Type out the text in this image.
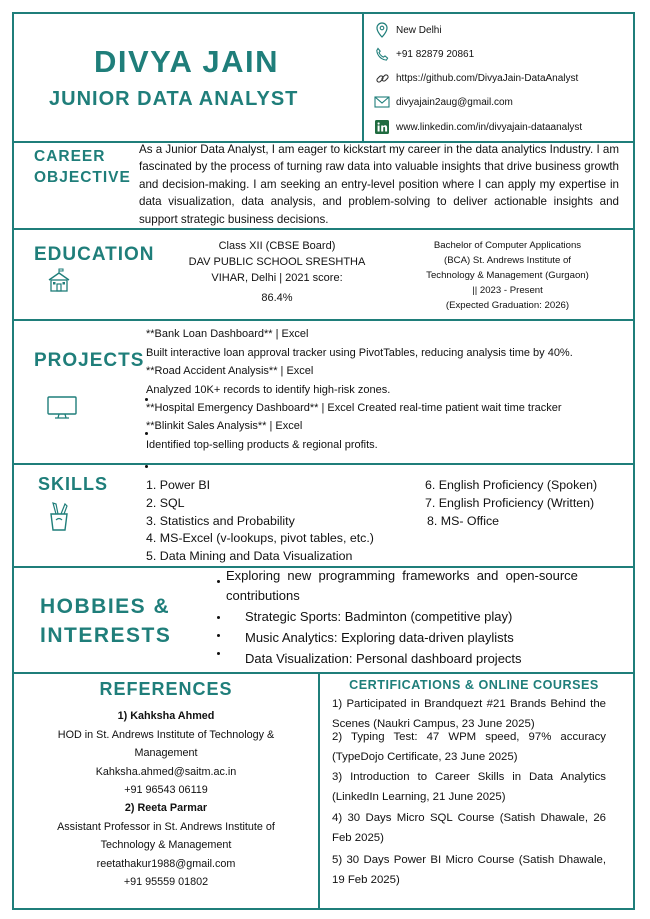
DIVYA JAIN
JUNIOR DATA ANALYST
New Delhi
+91 82879 20861
https://github.com/DivyaJain-DataAnalyst
divyajain2aug@gmail.com
www.linkedin.com/in/divyajain-dataanalyst
CAREER
OBJECTIVE
As a Junior Data Analyst, I am eager to kickstart my career in the data analytics Industry. I am fascinated by the process of turning raw data into valuable insights that drive business growth and decision-making. I am seeking an entry-level position where I can apply my expertise in data visualization, data analysis, and problem-solving to deliver actionable insights and support strategic business decisions.
EDUCATION	Class XII (CBSE Board)
DAV PUBLIC SCHOOL SRESHTHA
VIHAR, Delhi | 2021 score:
86.4%
Bachelor of Computer Applications
(BCA) St. Andrews Institute of
Technology & Management (Gurgaon)
|| 2023 - Present
(Expected Graduation: 2026)
PROJECTS
**Bank Loan Dashboard** | Excel
Built interactive loan approval tracker using PivotTables, reducing analysis time by 40%.
**Road Accident Analysis** | Excel
Analyzed 10K+ records to identify high-risk zones.
**Hospital Emergency Dashboard** | Excel Created real-time patient wait time tracker
**Blinkit Sales Analysis** | Excel
Identified top-selling products & regional profits.
SKILLS	1. Power BI
2. SQL
3. Statistics and Probability
4. MS-Excel (v-lookups, pivot tables, etc.)
5. Data Mining and Data Visualization
6. English Proficiency (Spoken)
7. English Proficiency (Written)
8. MS- Office
HOBBIES &
INTERESTS
Exploring  new  programming  frameworks  and  open-source
contributions
Strategic Sports: Badminton (competitive play)
Music Analytics: Exploring data-driven playlists
Data Visualization: Personal dashboard projects
REFERENCES
1) Kahksha Ahmed
HOD in St. Andrews Institute of Technology &
Management
Kahksha.ahmed@saitm.ac.in
+91 96543 06119
2) Reeta Parmar
Assistant Professor in St. Andrews Institute of
Technology & Management
reetathakur1988@gmail.com
+91 95559 01802
CERTIFICATIONS & ONLINE COURSES
1) Participated in Brandquezt #21 Brands Behind the Scenes (Naukri Campus, 23 June 2025)
2) Typing Test: 47 WPM speed, 97% accuracy (TypeDojo Certificate, 23 June 2025)
3) Introduction to Career Skills in Data Analytics (LinkedIn Learning, 21 June 2025)
4) 30 Days Micro SQL Course (Satish Dhawale, 26 Feb 2025)
5) 30 Days Power BI Micro Course (Satish Dhawale, 19 Feb 2025)
